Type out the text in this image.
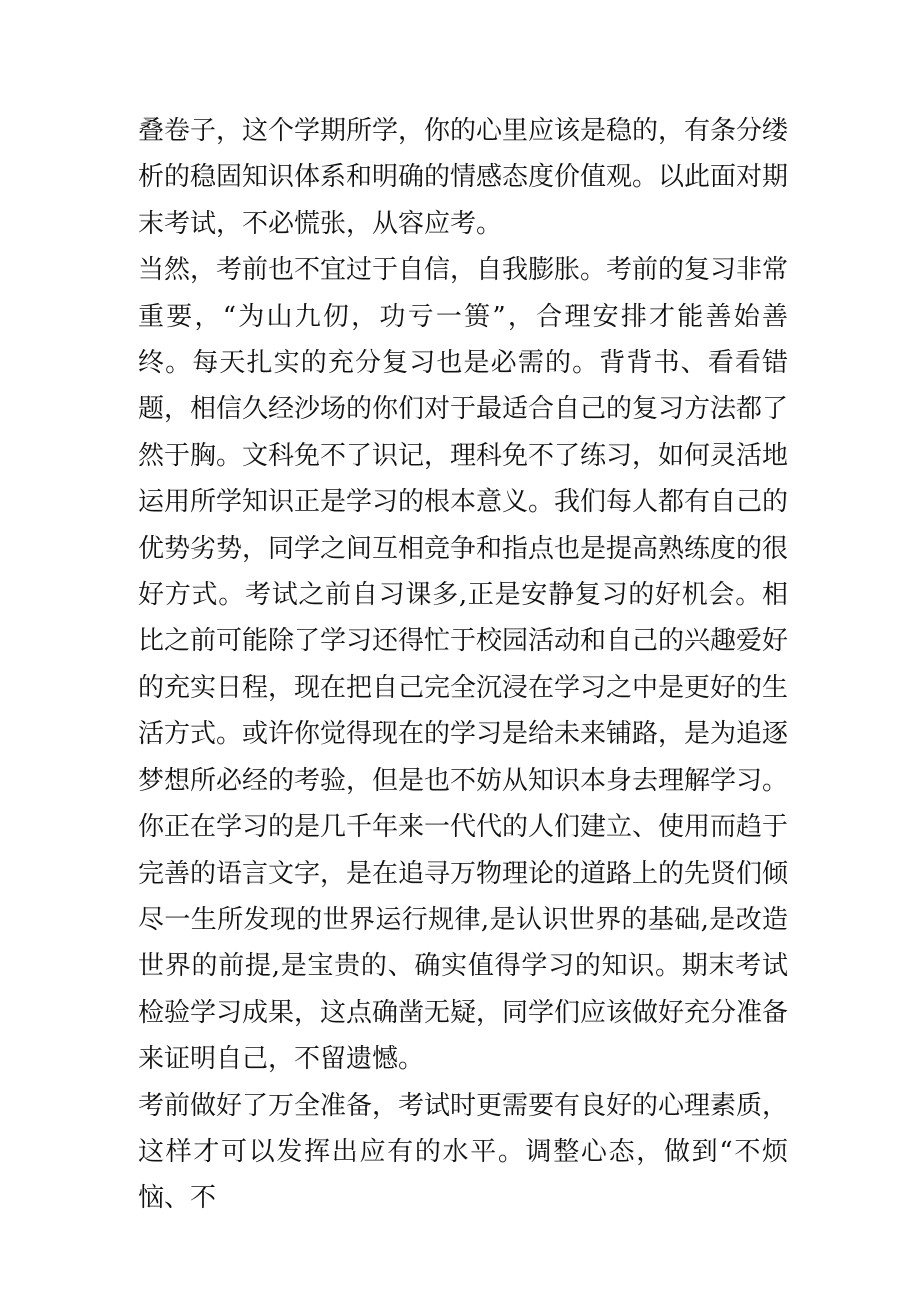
叠卷子，这个学期所学，你的心里应该是稳的，有条分缕析的稳固知识体系和明确的情感态度价值观。以此面对期末考试，不必慌张，从容应考。

当然，考前也不宜过于自信，自我膨胀。考前的复习非常重要，“为山九仞，功亏一篑”，合理安排才能善始善终。每天扎实的充分复习也是必需的。背背书、看看错题，相信久经沙场的你们对于最适合自己的复习方法都了然于胸。文科免不了识记，理科免不了练习，如何灵活地运用所学知识正是学习的根本意义。我们每人都有自己的优势劣势，同学之间互相竞争和指点也是提高熟练度的很好方式。考试之前自习课多,正是安静复习的好机会。相比之前可能除了学习还得忙于校园活动和自己的兴趣爱好的充实日程，现在把自己完全沉浸在学习之中是更好的生活方式。或许你觉得现在的学习是给未来铺路，是为追逐梦想所必经的考验，但是也不妨从知识本身去理解学习。你正在学习的是几千年来一代代的人们建立、使用而趋于完善的语言文字，是在追寻万物理论的道路上的先贤们倾尽一生所发现的世界运行规律,是认识世界的基础,是改造世界的前提,是宝贵的、确实值得学习的知识。期末考试检验学习成果，这点确凿无疑，同学们应该做好充分准备来证明自己，不留遗憾。

考前做好了万全准备，考试时更需要有良好的心理素质，这样才可以发挥出应有的水平。调整心态，做到“不烦恼、不
